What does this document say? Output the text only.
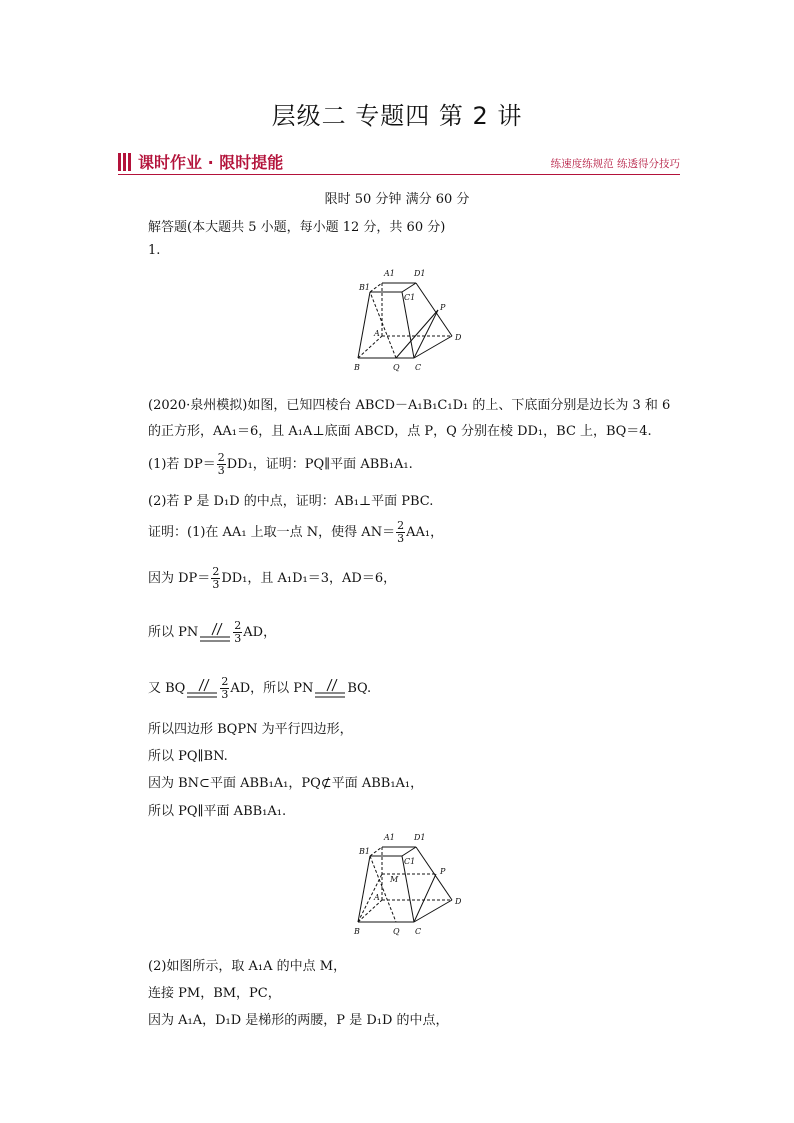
层级二 专题四 第 2 讲
课时作业 · 限时提能	练速度练规范 练透得分技巧
限时 50 分钟 满分 60 分
解答题(本大题共 5 小题，每小题 12 分，共 60 分)
1.
A1 D1
B1
C1
P
A	D
B	Q C
(2020·泉州模拟)如图，已知四棱台 ABCD－A₁B₁C₁D₁ 的上、下底面分别是边长为 3 和 6
的正方形，AA₁＝6，且 A₁A⊥底面 ABCD，点 P，Q 分别在棱 DD₁，BC 上，BQ＝4.
(1)若 $DP= \frac{2}{3} DD_1$，证明：PQ∥平面 ABB₁A₁.
(2)若 P 是 D₁D 的中点，证明：AB₁⊥平面 PBC.
证明：(1)在 AA₁ 上取一点 N，使得 $AN= \frac{2}{3} AA_1$，
因为 $DP= \frac{2}{3} DD_1$，且 A₁D₁＝3，AD＝6，
所以 PN	$\frac{2}{3}$ AD，
又 BQ	$\frac{2}{3}$ AD，所以 PN	BQ.
所以四边形 BQPN 为平行四边形，
所以 PQ∥BN.
因为 BN⊂平面 ABB₁A₁，PQ⊄平面 ABB₁A₁，
所以 PQ∥平面 ABB₁A₁.
A1 D1
B1
C1
M
P
A	D
B	Q C
(2)如图所示，取 A₁A 的中点 M，
连接 PM，BM，PC，
因为 A₁A，D₁D 是梯形的两腰，P 是 D₁D 的中点，
